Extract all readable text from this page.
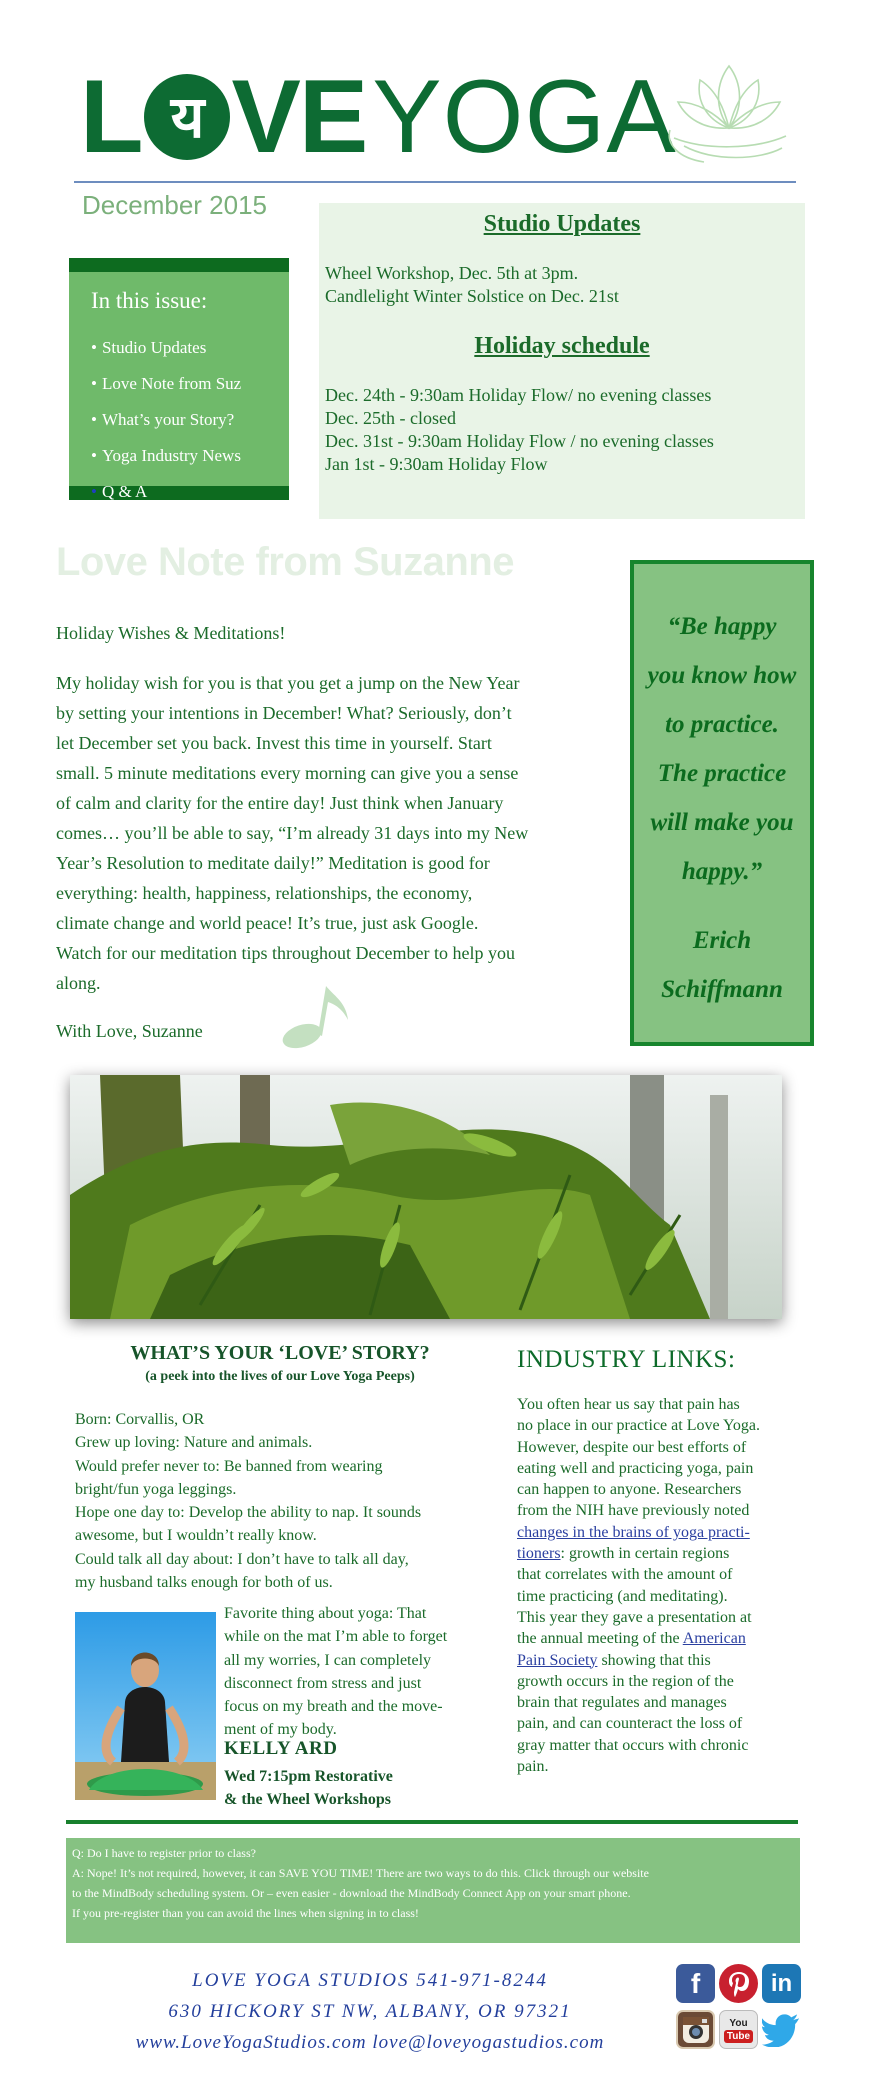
L य VE YOGA
December 2015
In this issue:
• Studio Updates
• Love Note from Suz
• What’s your Story?
• Yoga Industry News
• Q & A
Studio Updates
Wheel Workshop, Dec. 5th at 3pm.
Candlelight Winter Solstice on Dec. 21st
Holiday schedule
Dec. 24th - 9:30am Holiday Flow/ no evening classes
Dec. 25th - closed
Dec. 31st - 9:30am Holiday Flow / no evening classes
Jan 1st - 9:30am Holiday Flow
Love Note from Suzanne
Holiday Wishes & Meditations!
My holiday wish for you is that you get a jump on the New Year
by setting your intentions in December! What? Seriously, don’t
let December set you back. Invest this time in yourself. Start
small. 5 minute meditations every morning can give you a sense
of calm and clarity for the entire day! Just think when January
comes… you’ll be able to say, “I’m already 31 days into my New
Year’s Resolution to meditate daily!” Meditation is good for
everything: health, happiness, relationships, the economy,
climate change and world peace! It’s true, just ask Google.
Watch for our meditation tips throughout December to help you
along.
With Love, Suzanne
“Be happy
you know how
to practice.
The practice
will make you
happy.”
Erich
Schiffmann
WHAT’S YOUR ‘LOVE’ STORY?
(a peek into the lives of our Love Yoga Peeps)
Born: Corvallis, OR
Grew up loving: Nature and animals.
Would prefer never to: Be banned from wearing
bright/fun yoga leggings.
Hope one day to: Develop the ability to nap. It sounds
awesome, but I wouldn’t really know.
Could talk all day about: I don’t have to talk all day,
my husband talks enough for both of us.
Favorite thing about yoga: That
while on the mat I’m able to forget
all my worries, I can completely
disconnect from stress and just
focus on my breath and the move-
ment of my body.
KELLY ARD
Wed 7:15pm Restorative
& the Wheel Workshops
INDUSTRY LINKS:
You often hear us say that pain has
no place in our practice at Love Yoga.
However, despite our best efforts of
eating well and practicing yoga, pain
can happen to anyone. Researchers
from the NIH have previously noted
changes in the brains of yoga practi-
tioners: growth in certain regions
that correlates with the amount of
time practicing (and meditating).
This year they gave a presentation at
the annual meeting of the American
Pain Society showing that this
growth occurs in the region of the
brain that regulates and manages
pain, and can counteract the loss of
gray matter that occurs with chronic
pain.
Q: Do I have to register prior to class?
A: Nope! It’s not required, however, it can SAVE YOU TIME! There are two ways to do this. Click through our website
to the MindBody scheduling system. Or – even easier - download the MindBody Connect App on your smart phone.
If you pre-register than you can avoid the lines when signing in to class!
LOVE YOGA STUDIOS 541-971-8244
630 HICKORY ST NW, ALBANY, OR 97321
www.LoveYogaStudios.com love@loveyogastudios.com
f	in
You
Tube
